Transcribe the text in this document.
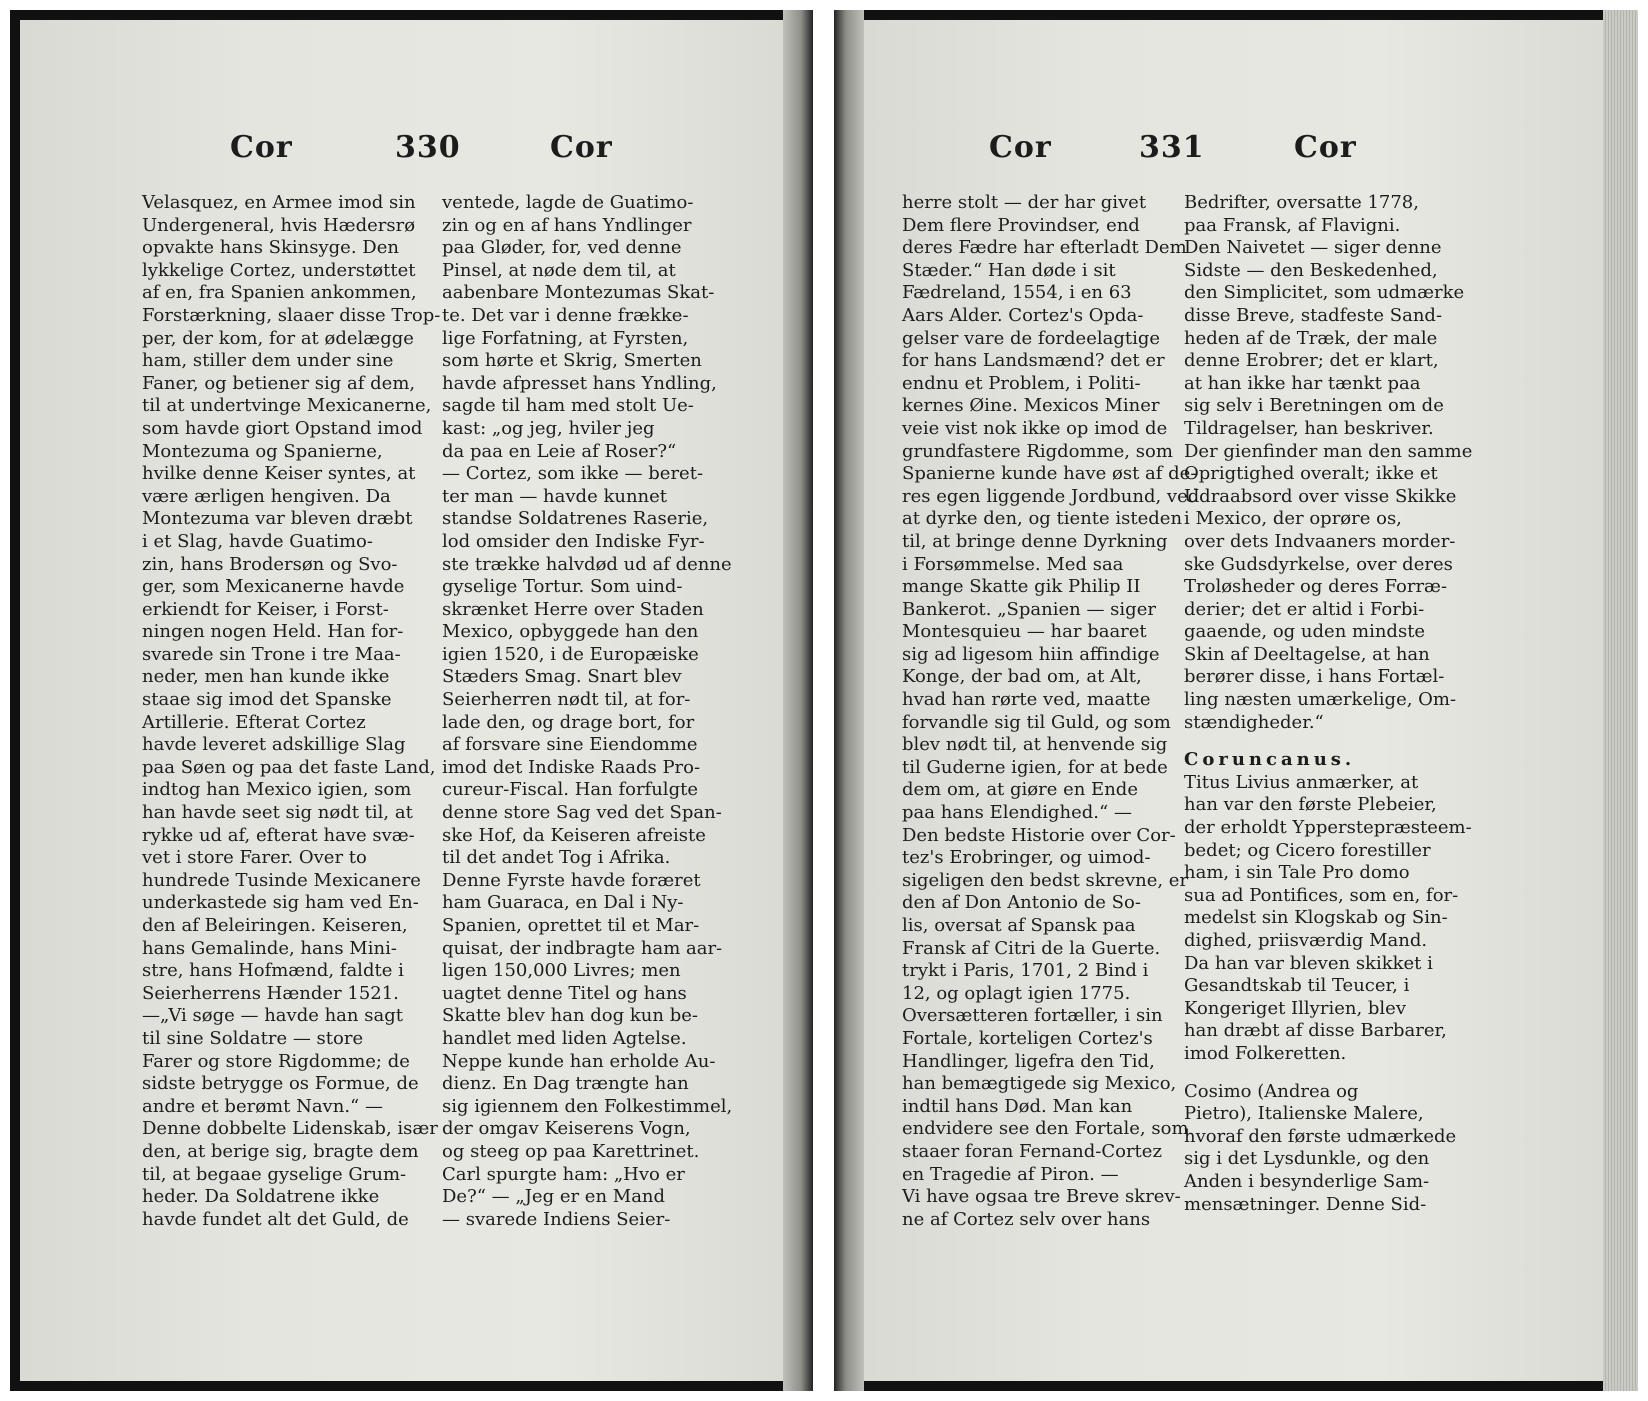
Cor	330	Cor
Velasquez, en Armee imod sin
Undergeneral, hvis Hædersrø
opvakte hans Skinsyge. Den
lykkelige Cortez, understøttet
af en, fra Spanien ankommen,
Forstærkning, slaaer disse Trop-
per, der kom, for at ødelægge
ham, stiller dem under sine
Faner, og betiener sig af dem,
til at undertvinge Mexicanerne,
som havde giort Opstand imod
Montezuma og Spanierne,
hvilke denne Keiser syntes, at
være ærligen hengiven. Da
Montezuma var bleven dræbt
i et Slag, havde Guatimo-
zin, hans Brodersøn og Svo-
ger, som Mexicanerne havde
erkiendt for Keiser, i Forst-
ningen nogen Held. Han for-
svarede sin Trone i tre Maa-
neder, men han kunde ikke
staae sig imod det Spanske
Artillerie. Efterat Cortez
havde leveret adskillige Slag
paa Søen og paa det faste Land,
indtog han Mexico igien, som
han havde seet sig nødt til, at
rykke ud af, efterat have svæ-
vet i store Farer. Over to
hundrede Tusinde Mexicanere
underkastede sig ham ved En-
den af Beleiringen. Keiseren,
hans Gemalinde, hans Mini-
stre, hans Hofmænd, faldte i
Seierherrens Hænder 1521.
—„Vi søge — havde han sagt
til sine Soldatre — store
Farer og store Rigdomme; de
sidste betrygge os Formue, de
andre et berømt Navn.“ —
Denne dobbelte Lidenskab, især
den, at berige sig, bragte dem
til, at begaae gyselige Grum-
heder. Da Soldatrene ikke
havde fundet alt det Guld, de
ventede, lagde de Guatimo-
zin og en af hans Yndlinger
paa Gløder, for, ved denne
Pinsel, at nøde dem til, at
aabenbare Montezumas Skat-
te. Det var i denne frække-
lige Forfatning, at Fyrsten,
som hørte et Skrig, Smerten
havde afpresset hans Yndling,
sagde til ham med stolt Ue-
kast: „og jeg, hviler jeg
da paa en Leie af Roser?“
— Cortez, som ikke — beret-
ter man — havde kunnet
standse Soldatrenes Raserie,
lod omsider den Indiske Fyr-
ste trække halvdød ud af denne
gyselige Tortur. Som uind-
skrænket Herre over Staden
Mexico, opbyggede han den
igien 1520, i de Europæiske
Stæders Smag. Snart blev
Seierherren nødt til, at for-
lade den, og drage bort, for
af forsvare sine Eiendomme
imod det Indiske Raads Pro-
cureur-Fiscal. Han forfulgte
denne store Sag ved det Span-
ske Hof, da Keiseren afreiste
til det andet Tog i Afrika.
Denne Fyrste havde foræret
ham Guaraca, en Dal i Ny-
Spanien, oprettet til et Mar-
quisat, der indbragte ham aar-
ligen 150,000 Livres; men
uagtet denne Titel og hans
Skatte blev han dog kun be-
handlet med liden Agtelse.
Neppe kunde han erholde Au-
dienz. En Dag trængte han
sig igiennem den Folkestimmel,
der omgav Keiserens Vogn,
og steeg op paa Karettrinet.
Carl spurgte ham: „Hvo er
De?“ — „Jeg er en Mand
— svarede Indiens Seier-
Cor	331	Cor
herre stolt — der har givet
Dem flere Provindser, end
deres Fædre har efterladt Dem
Stæder.“ Han døde i sit
Fædreland, 1554, i en 63
Aars Alder. Cortez's Opda-
gelser vare de fordeelagtige
for hans Landsmænd? det er
endnu et Problem, i Politi-
kernes Øine. Mexicos Miner
veie vist nok ikke op imod de
grundfastere Rigdomme, som
Spanierne kunde have øst af de-
res egen liggende Jordbund, ved
at dyrke den, og tiente isteden
til, at bringe denne Dyrkning
i Forsømmelse. Med saa
mange Skatte gik Philip II
Bankerot. „Spanien — siger
Montesquieu — har baaret
sig ad ligesom hiin affindige
Konge, der bad om, at Alt,
hvad han rørte ved, maatte
forvandle sig til Guld, og som
blev nødt til, at henvende sig
til Guderne igien, for at bede
dem om, at giøre en Ende
paa hans Elendighed.“ —
Den bedste Historie over Cor-
tez's Erobringer, og uimod-
sigeligen den bedst skrevne, er
den af Don Antonio de So-
lis, oversat af Spansk paa
Fransk af Citri de la Guerte.
trykt i Paris, 1701, 2 Bind i
12, og oplagt igien 1775.
Oversætteren fortæller, i sin
Fortale, korteligen Cortez's
Handlinger, ligefra den Tid,
han bemægtigede sig Mexico,
indtil hans Død. Man kan
endvidere see den Fortale, som
staaer foran Fernand-Cortez
en Tragedie af Piron. —
Vi have ogsaa tre Breve skrev-
ne af Cortez selv over hans
Bedrifter, oversatte 1778,
paa Fransk, af Flavigni.
Den Naivetet — siger denne
Sidste — den Beskedenhed,
den Simplicitet, som udmærke
disse Breve, stadfeste Sand-
heden af de Træk, der male
denne Erobrer; det er klart,
at han ikke har tænkt paa
sig selv i Beretningen om de
Tildragelser, han beskriver.
Der gienfinder man den samme
Oprigtighed overalt; ikke et
Udraabsord over visse Skikke
i Mexico, der oprøre os,
over dets Indvaaners morder-
ske Gudsdyrkelse, over deres
Troløsheder og deres Forræ-
derier; det er altid i Forbi-
gaaende, og uden mindste
Skin af Deeltagelse, at han
berører disse, i hans Fortæl-
ling næsten umærkelige, Om-
stændigheder.“
Coruncanus.
Titus Livius anmærker, at
han var den første Plebeier,
der erholdt Ypperstepræsteem-
bedet; og Cicero forestiller
ham, i sin Tale Pro domo
sua ad Pontifices, som en, for-
medelst sin Klogskab og Sin-
dighed, priisværdig Mand.
Da han var bleven skikket i
Gesandtskab til Teucer, i
Kongeriget Illyrien, blev
han dræbt af disse Barbarer,
imod Folkeretten.
Cosimo (Andrea og
Pietro), Italienske Malere,
hvoraf den første udmærkede
sig i det Lysdunkle, og den
Anden i besynderlige Sam-
mensætninger. Denne Sid-
